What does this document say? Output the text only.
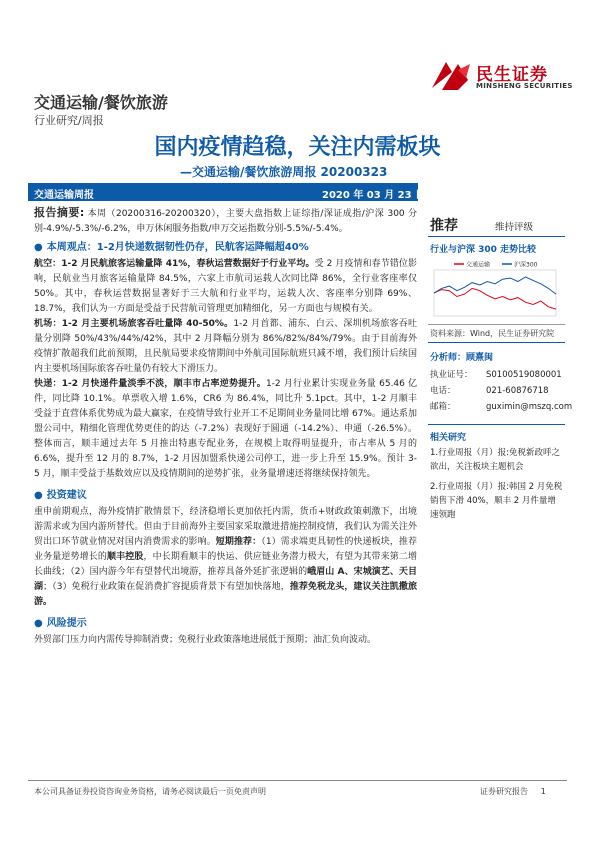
民生证券
MINSHENG SECURITIES
交通运输/餐饮旅游
行业研究/周报
国内疫情趋稳，关注内需板块
—交通运输/餐饮旅游周报 20200323
交通运输周报	2020 年 03 月 23 日

报告摘要: 本周（20200316-20200320），主要大盘指数上证综指/深证成指/沪深 300 分别-4.9%/-5.3%/-6.2%，申万休闲服务指数/申万交运指数分别-5.5%/-5.4%。

● 本周观点：1-2月快递数据韧性仍存，民航客运降幅超40%

航空：1-2 月民航旅客运输量降 41%，春秋运营数据好于行业平均。受 2 月疫情和春节错位影响，民航业当月旅客运输量降 84.5%，六家上市航司运载人次同比降 86%，全行业客座率仅 50%。其中，春秋运营数据显著好于三大航和行业平均，运载人次、客座率分别降 69%、18.7%，我们认为一方面是受益于民营航司管理更加精细化，另一方面也与规模有关。

机场：1-2 月主要机场旅客吞吐量降 40-50%。1-2 月首都、浦东、白云、深圳机场旅客吞吐量分别降 50%/43%/44%/42%，其中 2 月降幅分别为 86%/82%/84%/79%。由于目前海外疫情扩散超我们此前预期，且民航局要求疫情期间中外航司国际航班只减不增，我们预计后续国内主要机场国际旅客吞吐量仍有较大下滑压力。

快递：1-2 月快递件量淡季不淡，顺丰市占率逆势提升。1-2 月行业累计实现业务量 65.46 亿件，同比降 10.1%。单票收入增 1.6%，CR6 为 86.4%，同比升 5.1pct。其中，1-2 月顺丰受益于直营体系优势成为最大赢家，在疫情导致行业开工不足期间业务量同比增 67%。通达系加盟公司中，精细化管理优势更佳的韵达（-7.2%）表现好于圆通（-14.2%）、申通（-26.5%）。整体而言，顺丰通过去年 5 月推出特惠专配业务，在规模上取得明显提升，市占率从 5 月的 6.6%，提升至 12 月的 8.7%，1-2 月因加盟系快递公司停工，进一步上升至 15.9%。预计 3-5 月，顺丰受益于基数效应以及疫情期间的逆势扩张，业务量增速还将继续保持领先。

● 投资建议

重申前期观点，海外疫情扩散情景下，经济稳增长更加依托内需，货币+财政政策刺激下，出境游需求或为国内游所替代。但由于目前海外主要国家采取激进措施控制疫情，我们认为需关注外贸出口环节就业情况对国内消费需求的影响。短期推荐：（1）需求端更具韧性的快递板块，推荐业务量逆势增长的顺丰控股，中长期看顺丰的快运、供应链业务潜力极大，有望为其带来第二增长曲线；（2）国内游今年有望替代出境游，推荐具备外延扩张逻辑的峨眉山 A、宋城演艺、天目湖；（3）免税行业政策在促消费扩容提质背景下有望加快落地，推荐免税龙头，建议关注凯撒旅游。

● 风险提示

外贸部门压力向内需传导抑制消费；免税行业政策落地进展低于预期；油汇负向波动。

推荐	维持评级
行业与沪深 300 走势比较
交通运输	沪深300
资料来源：Wind，民生证券研究院
分析师：顾熹闽
执业证号：	S0100519080001
电话：	021-60876718
邮箱：	guximin@mszq.com
相关研究
1.行业周报（月）报:免税新政呼之欲出，关注板块主题机会
2.行业周报（月）报:韩国 2 月免税销售下滑 40%，顺丰 2 月件量增速领跑
本公司具备证券投资咨询业务资格，请务必阅读最后一页免责声明	证券研究报告 1
